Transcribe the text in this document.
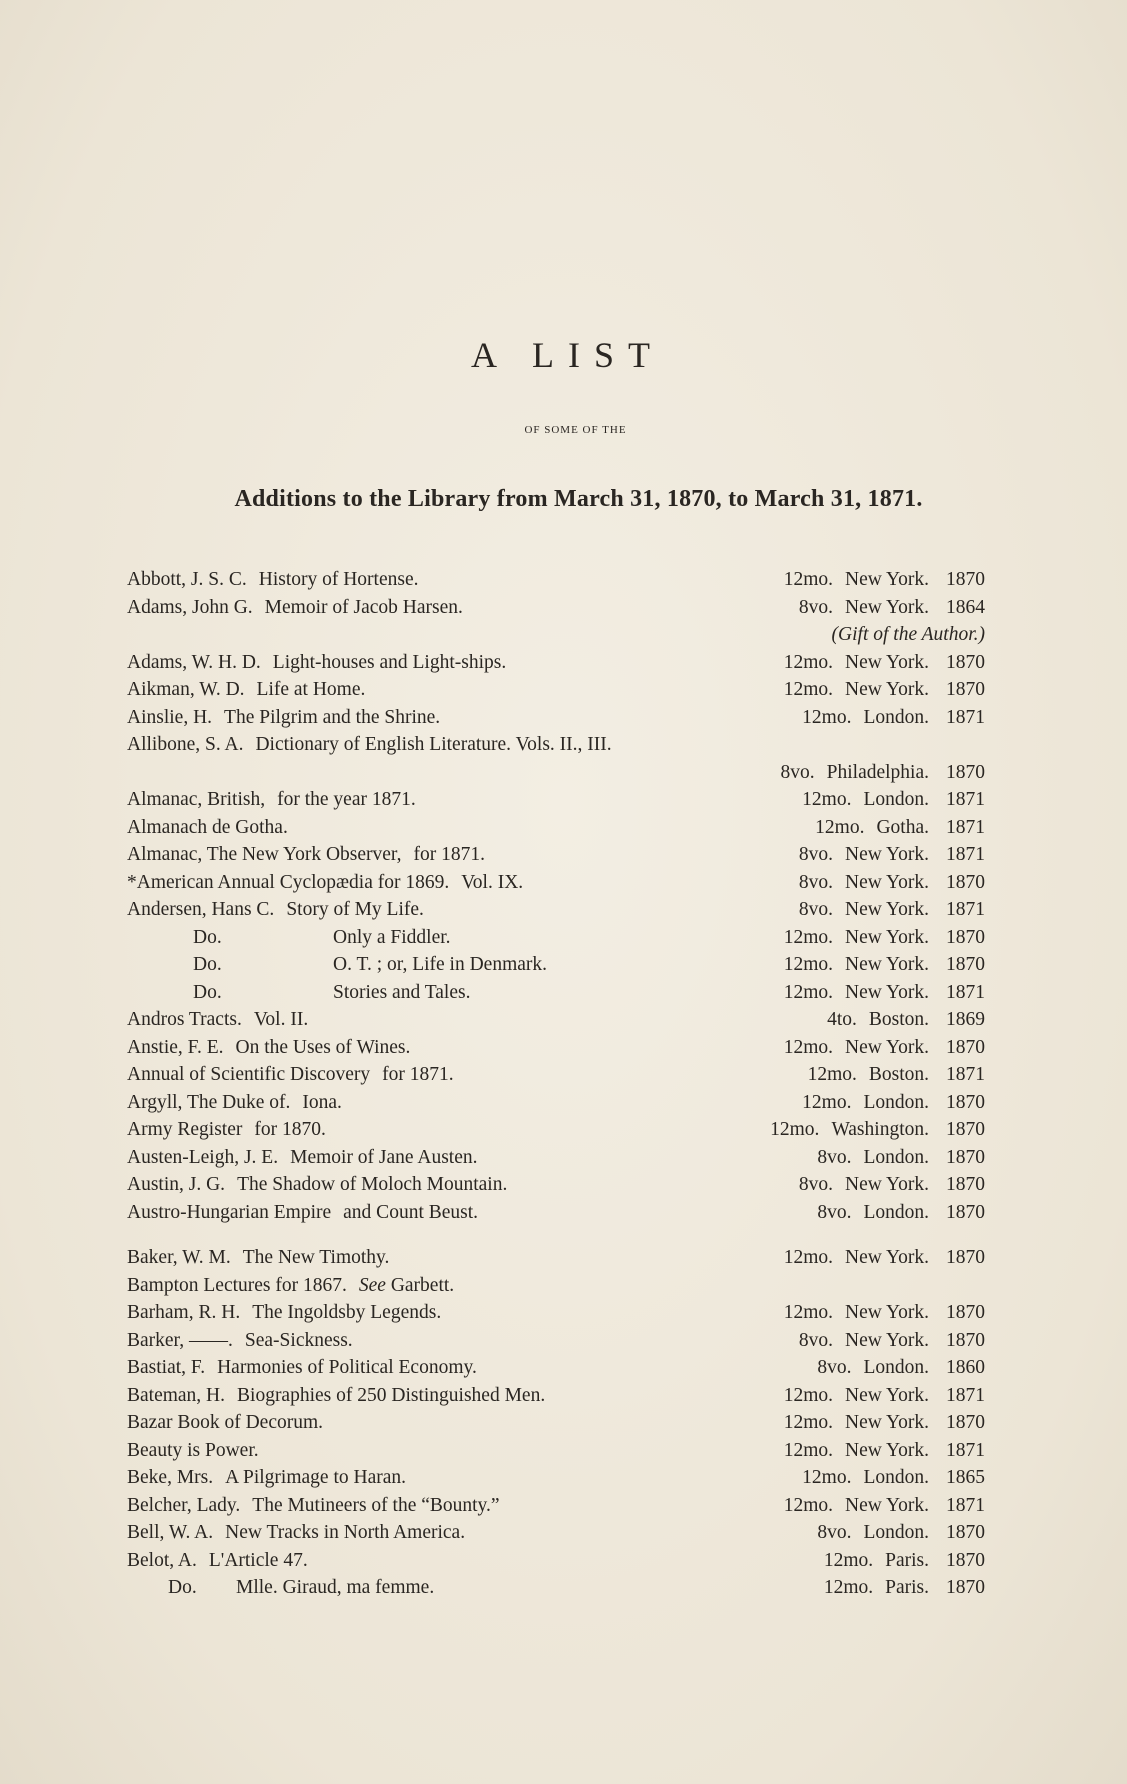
A LIST
OF SOME OF THE
Additions to the Library from March 31, 1870, to March 31, 1871.
Abbott, J. S. C. History of Hortense.	12mo. New York. 1870
Adams, John G. Memoir of Jacob Harsen.	8vo. New York. 1864
(Gift of the Author.)
Adams, W. H. D. Light-houses and Light-ships.	12mo. New York. 1870
Aikman, W. D. Life at Home.	12mo. New York. 1870
Ainslie, H. The Pilgrim and the Shrine.	12mo. London. 1871
Allibone, S. A. Dictionary of English Literature. Vols. II., III.
8vo. Philadelphia. 1870
Almanac, British, for the year 1871.	12mo. London. 1871
Almanach de Gotha.	12mo. Gotha. 1871
Almanac, The New York Observer, for 1871.	8vo. New York. 1871
*American Annual Cyclopædia for 1869. Vol. IX.	8vo. New York. 1870
Andersen, Hans C. Story of My Life.	8vo. New York. 1871
Do.	Only a Fiddler.	12mo. New York. 1870
Do.	O. T. ; or, Life in Denmark.	12mo. New York. 1870
Do.	Stories and Tales.	12mo. New York. 1871
Andros Tracts. Vol. II.	4to. Boston. 1869
Anstie, F. E. On the Uses of Wines.	12mo. New York. 1870
Annual of Scientific Discovery for 1871.	12mo. Boston. 1871
Argyll, The Duke of. Iona.	12mo. London. 1870
Army Register for 1870.	12mo. Washington. 1870
Austen-Leigh, J. E. Memoir of Jane Austen.	8vo. London. 1870
Austin, J. G. The Shadow of Moloch Mountain.	8vo. New York. 1870
Austro-Hungarian Empire and Count Beust.	8vo. London. 1870
Baker, W. M. The New Timothy.	12mo. New York. 1870
Bampton Lectures for 1867. See Garbett.
Barham, R. H. The Ingoldsby Legends.	12mo. New York. 1870
Barker, ——. Sea-Sickness.	8vo. New York. 1870
Bastiat, F. Harmonies of Political Economy.	8vo. London. 1860
Bateman, H. Biographies of 250 Distinguished Men.	12mo. New York. 1871
Bazar Book of Decorum.	12mo. New York. 1870
Beauty is Power.	12mo. New York. 1871
Beke, Mrs. A Pilgrimage to Haran.	12mo. London. 1865
Belcher, Lady. The Mutineers of the “Bounty.”	12mo. New York. 1871
Bell, W. A. New Tracks in North America.	8vo. London. 1870
Belot, A. L'Article 47.	12mo. Paris. 1870
Do. Mlle. Giraud, ma femme.	12mo. Paris. 1870
